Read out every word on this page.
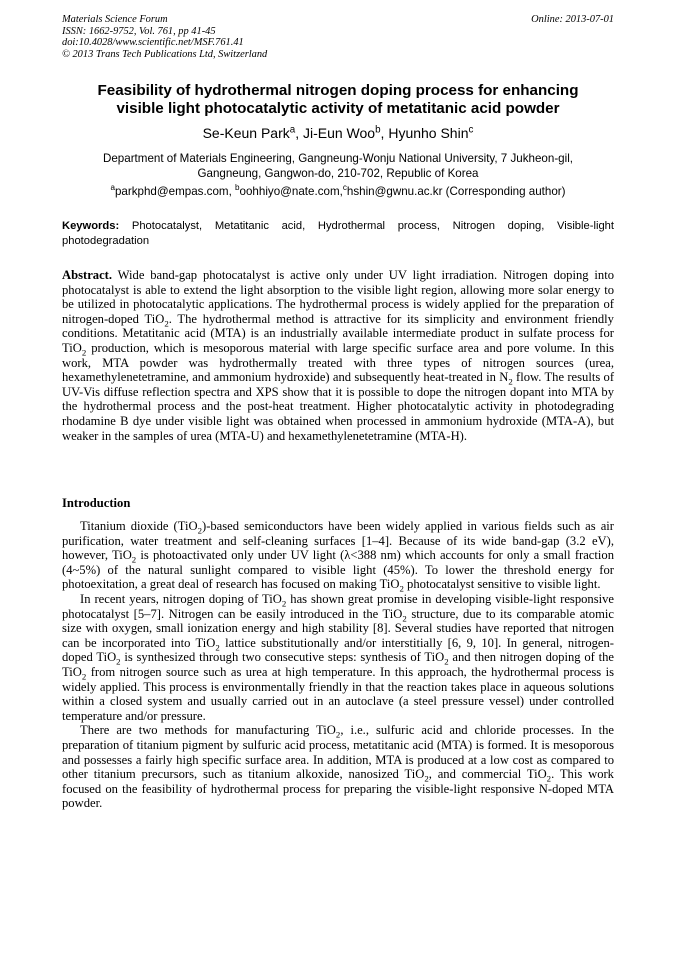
Materials Science Forum
ISSN: 1662-9752, Vol. 761, pp 41-45
doi:10.4028/www.scientific.net/MSF.761.41
© 2013 Trans Tech Publications Ltd, Switzerland
Online: 2013-07-01
Feasibility of hydrothermal nitrogen doping process for enhancing
visible light photocatalytic activity of metatitanic acid powder
Se-Keun Park$^a$, Ji-Eun Woo$^b$, Hyunho Shin$^c$
Department of Materials Engineering, Gangneung-Wonju National University, 7 Jukheon-gil,
Gangneung, Gangwon-do, 210-702, Republic of Korea
$^a$parkphd@empas.com, $^b$oohhiyo@nate.com,$^c$hshin@gwnu.ac.kr (Corresponding author)
Keywords: Photocatalyst, Metatitanic acid, Hydrothermal process, Nitrogen doping, Visible-light photodegradation
Abstract. Wide band-gap photocatalyst is active only under UV light irradiation. Nitrogen doping into photocatalyst is able to extend the light absorption to the visible light region, allowing more solar energy to be utilized in photocatalytic applications. The hydrothermal process is widely applied for the preparation of nitrogen-doped TiO$_2$. The hydrothermal method is attractive for its simplicity and environment friendly conditions. Metatitanic acid (MTA) is an industrially available intermediate product in sulfate process for TiO$_2$ production, which is mesoporous material with large specific surface area and pore volume. In this work, MTA powder was hydrothermally treated with three types of nitrogen sources (urea, hexamethylenetetramine, and ammonium hydroxide) and subsequently heat-treated in $N_2$ flow. The results of UV-Vis diffuse reflection spectra and XPS show that it is possible to dope the nitrogen dopant into MTA by the hydrothermal process and the post-heat treatment. Higher photocatalytic activity in photodegrading rhodamine B dye under visible light was obtained when processed in ammonium hydroxide (MTA-A), but weaker in the samples of urea (MTA-U) and hexamethylenetetramine (MTA-H).
Introduction

Titanium dioxide (TiO$_2$)-based semiconductors have been widely applied in various fields such as air purification, water treatment and self-cleaning surfaces [1–4]. Because of its wide band-gap (3.2 eV), however, TiO$_2$ is photoactivated only under UV light (λ<388 nm) which accounts for only a small fraction (4~5%) of the natural sunlight compared to visible light (45%). To lower the threshold energy for photoexitation, a great deal of research has focused on making TiO$_2$ photocatalyst sensitive to visible light.

In recent years, nitrogen doping of TiO$_2$ has shown great promise in developing visible-light responsive photocatalyst [5–7]. Nitrogen can be easily introduced in the TiO$_2$ structure, due to its comparable atomic size with oxygen, small ionization energy and high stability [8]. Several studies have reported that nitrogen can be incorporated into TiO$_2$ lattice substitutionally and/or interstitially [6, 9, 10]. In general, nitrogen-doped TiO$_2$ is synthesized through two consecutive steps: synthesis of TiO$_2$ and then nitrogen doping of the TiO$_2$ from nitrogen source such as urea at high temperature. In this approach, the hydrothermal process is widely applied. This process is environmentally friendly in that the reaction takes place in aqueous solutions within a closed system and usually carried out in an autoclave (a steel pressure vessel) under controlled temperature and/or pressure.

There are two methods for manufacturing TiO$_2$, i.e., sulfuric acid and chloride processes. In the preparation of titanium pigment by sulfuric acid process, metatitanic acid (MTA) is formed. It is mesoporous and possesses a fairly high specific surface area. In addition, MTA is produced at a low cost as compared to other titanium precursors, such as titanium alkoxide, nanosized TiO$_2$, and commercial TiO$_2$. This work focused on the feasibility of hydrothermal process for preparing the visible-light responsive N-doped MTA powder.
